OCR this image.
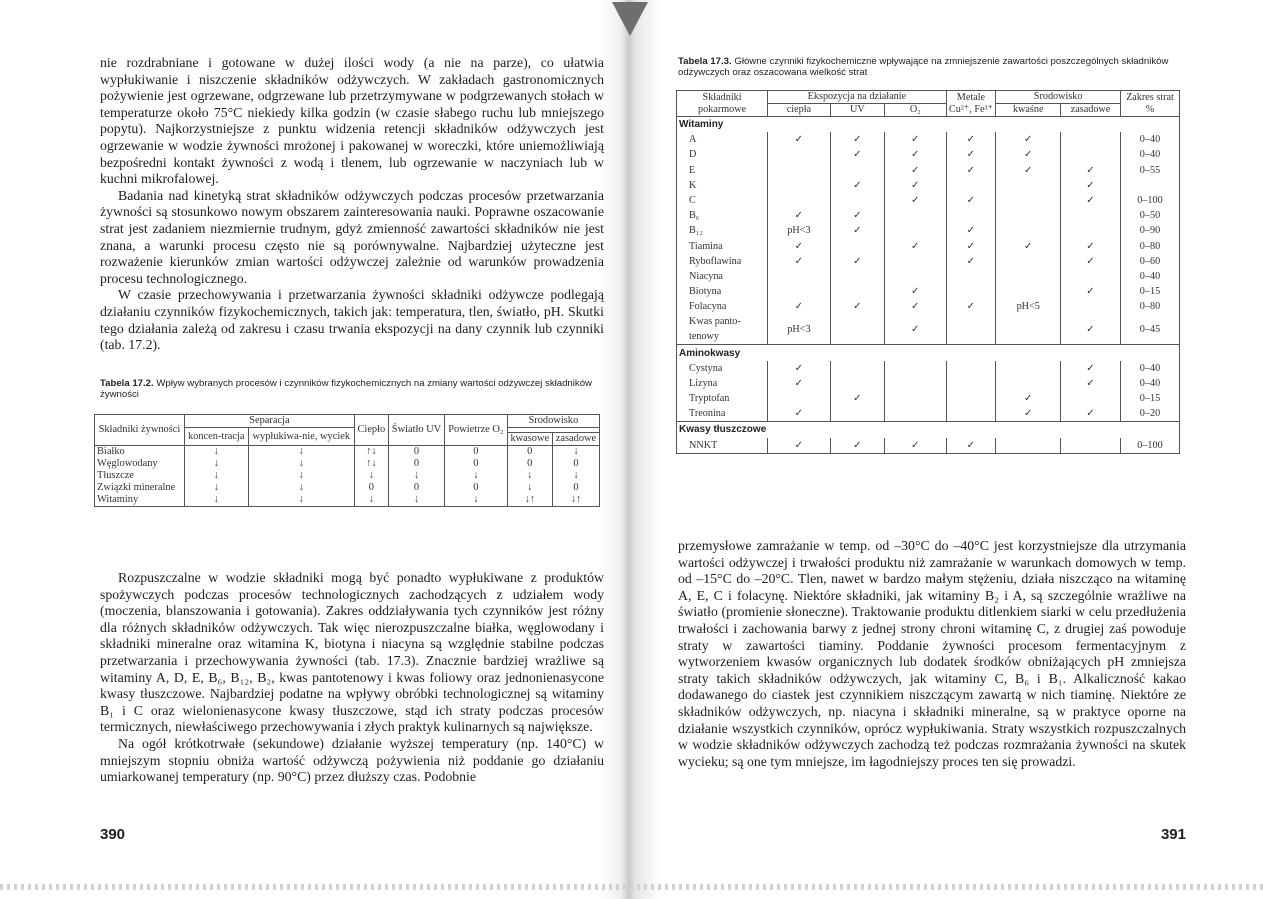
nie rozdrabniane i gotowane w dużej ilości wody (a nie na parze), co ułatwia wypłukiwanie i niszczenie składników odżywczych. W zakładach gastronomicznych pożywienie jest ogrzewane, odgrzewane lub przetrzymywane w podgrzewanych stołach w temperaturze około 75°C niekiedy kilka godzin (w czasie słabego ruchu lub mniejszego popytu). Najkorzystniejsze z punktu widzenia retencji składników odżywczych jest ogrzewanie w wodzie żywności mrożonej i pakowanej w woreczki, które uniemożliwiają bezpośredni kontakt żywności z wodą i tlenem, lub ogrzewanie w naczyniach lub w kuchni mikrofalowej.

Badania nad kinetyką strat składników odżywczych podczas procesów przetwarzania żywności są stosunkowo nowym obszarem zainteresowania nauki. Poprawne oszacowanie strat jest zadaniem niezmiernie trudnym, gdyż zmienność zawartości składników nie jest znana, a warunki procesu często nie są porównywalne. Najbardziej użyteczne jest rozważenie kierunków zmian wartości odżywczej zależnie od warunków prowadzenia procesu technologicznego.

W czasie przechowywania i przetwarzania żywności składniki odżywcze podlegają działaniu czynników fizykochemicznych, takich jak: temperatura, tlen, światło, pH. Skutki tego działania zależą od zakresu i czasu trwania ekspozycji na dany czynnik lub czynniki (tab. 17.2).

Tabela 17.2. Wpływ wybranych procesów i czynników fizykochemicznych na zmiany wartości odżywczej składników żywności
Składniki żywności	Separacja		Ciepło	Światło UV	Powietrze O₂	Środowisko	
	koncen-tracja	wypłukiwa-nie, wyciek					
						kwasowe	zasadowe
Białko	↓	↓	↑↓	0	0	0	↓
Węglowodany	↓	↓	↑↓	0	0	0	0
Tłuszcze	↓	↓	↓	↓	↓	↓	↓
Związki mineralne	↓	↓	0	0	0	↓	0
Witaminy	↓	↓	↓	↓	↓	↓↑	↓↑

Rozpuszczalne w wodzie składniki mogą być ponadto wypłukiwane z produktów spożywczych podczas procesów technologicznych zachodzących z udziałem wody (moczenia, blanszowania i gotowania). Zakres oddziaływania tych czynników jest różny dla różnych składników odżywczych. Tak więc nierozpuszczalne białka, węglowodany i składniki mineralne oraz witamina K, biotyna i niacyna są względnie stabilne podczas przetwarzania i przechowywania żywności (tab. 17.3). Znacznie bardziej wrażliwe są witaminy A, D, E, B₆, B₁₂, B₂, kwas pantotenowy i kwas foliowy oraz jednonienasycone kwasy tłuszczowe. Najbardziej podatne na wpływy obróbki technologicznej są witaminy B₁ i C oraz wielonienasycone kwasy tłuszczowe, stąd ich straty podczas procesów termicznych, niewłaściwego przechowywania i złych praktyk kulinarnych są największe.

Na ogół krótkotrwałe (sekundowe) działanie wyższej temperatury (np. 140°C) w mniejszym stopniu obniża wartość odżywczą pożywienia niż poddanie go działaniu umiarkowanej temperatury (np. 90°C) przez dłuższy czas. Podobnie

390
Tabela 17.3. Główne czynniki fizykochemiczne wpływające na zmniejszenie zawartości poszczególnych składników odżywczych oraz oszacowana wielkość strat
Składniki pokarmowe	Ekspozycja na działanie			Metale Cu²⁺, Fe³⁺	Środowisko		Zakres strat %
	ciepła	UV	O₂		kwaśne	zasadowe	
Witaminy							
A	✓	✓	✓	✓	✓		0–40
D		✓	✓	✓	✓		0–40
E			✓	✓	✓	✓	0–55
K		✓	✓			✓	
C			✓	✓		✓	0–100
B₆	✓	✓					0–50
B₁₂	pH<3	✓		✓			0–90
Tiamina	✓		✓	✓	✓	✓	0–80
Ryboflawina	✓	✓		✓		✓	0–60
Niacyna							0–40
Biotyna			✓			✓	0–15
Folacyna	✓	✓	✓	✓	pH<5		0–80
Kwas panto-tenowy	pH<3		✓			✓	0–45
Aminokwasy							
Cystyna	✓					✓	0–40
Lizyna	✓					✓	0–40
Tryptofan		✓			✓		0–15
Treonina	✓				✓	✓	0–20
Kwasy tłuszczowe							
NNKT	✓	✓	✓	✓			0–100

przemysłowe zamrażanie w temp. od –30°C do –40°C jest korzystniejsze dla utrzymania wartości odżywczej i trwałości produktu niż zamrażanie w warunkach domowych w temp. od –15°C do –20°C. Tlen, nawet w bardzo małym stężeniu, działa niszcząco na witaminę A, E, C i folacynę. Niektóre składniki, jak witaminy B₂ i A, są szczególnie wrażliwe na światło (promienie słoneczne). Traktowanie produktu ditlenkiem siarki w celu przedłużenia trwałości i zachowania barwy z jednej strony chroni witaminę C, z drugiej zaś powoduje straty w zawartości tiaminy. Poddanie żywności procesom fermentacyjnym z wytworzeniem kwasów organicznych lub dodatek środków obniżających pH zmniejsza straty takich składników odżywczych, jak witaminy C, B₆ i B₁. Alkaliczność kakao dodawanego do ciastek jest czynnikiem niszczącym zawartą w nich tiaminę. Niektóre ze składników odżywczych, np. niacyna i składniki mineralne, są w praktyce oporne na działanie wszystkich czynników, oprócz wypłukiwania. Straty wszystkich rozpuszczalnych w wodzie składników odżywczych zachodzą też podczas rozmrażania żywności na skutek wycieku; są one tym mniejsze, im łagodniejszy proces ten się prowadzi.

391
